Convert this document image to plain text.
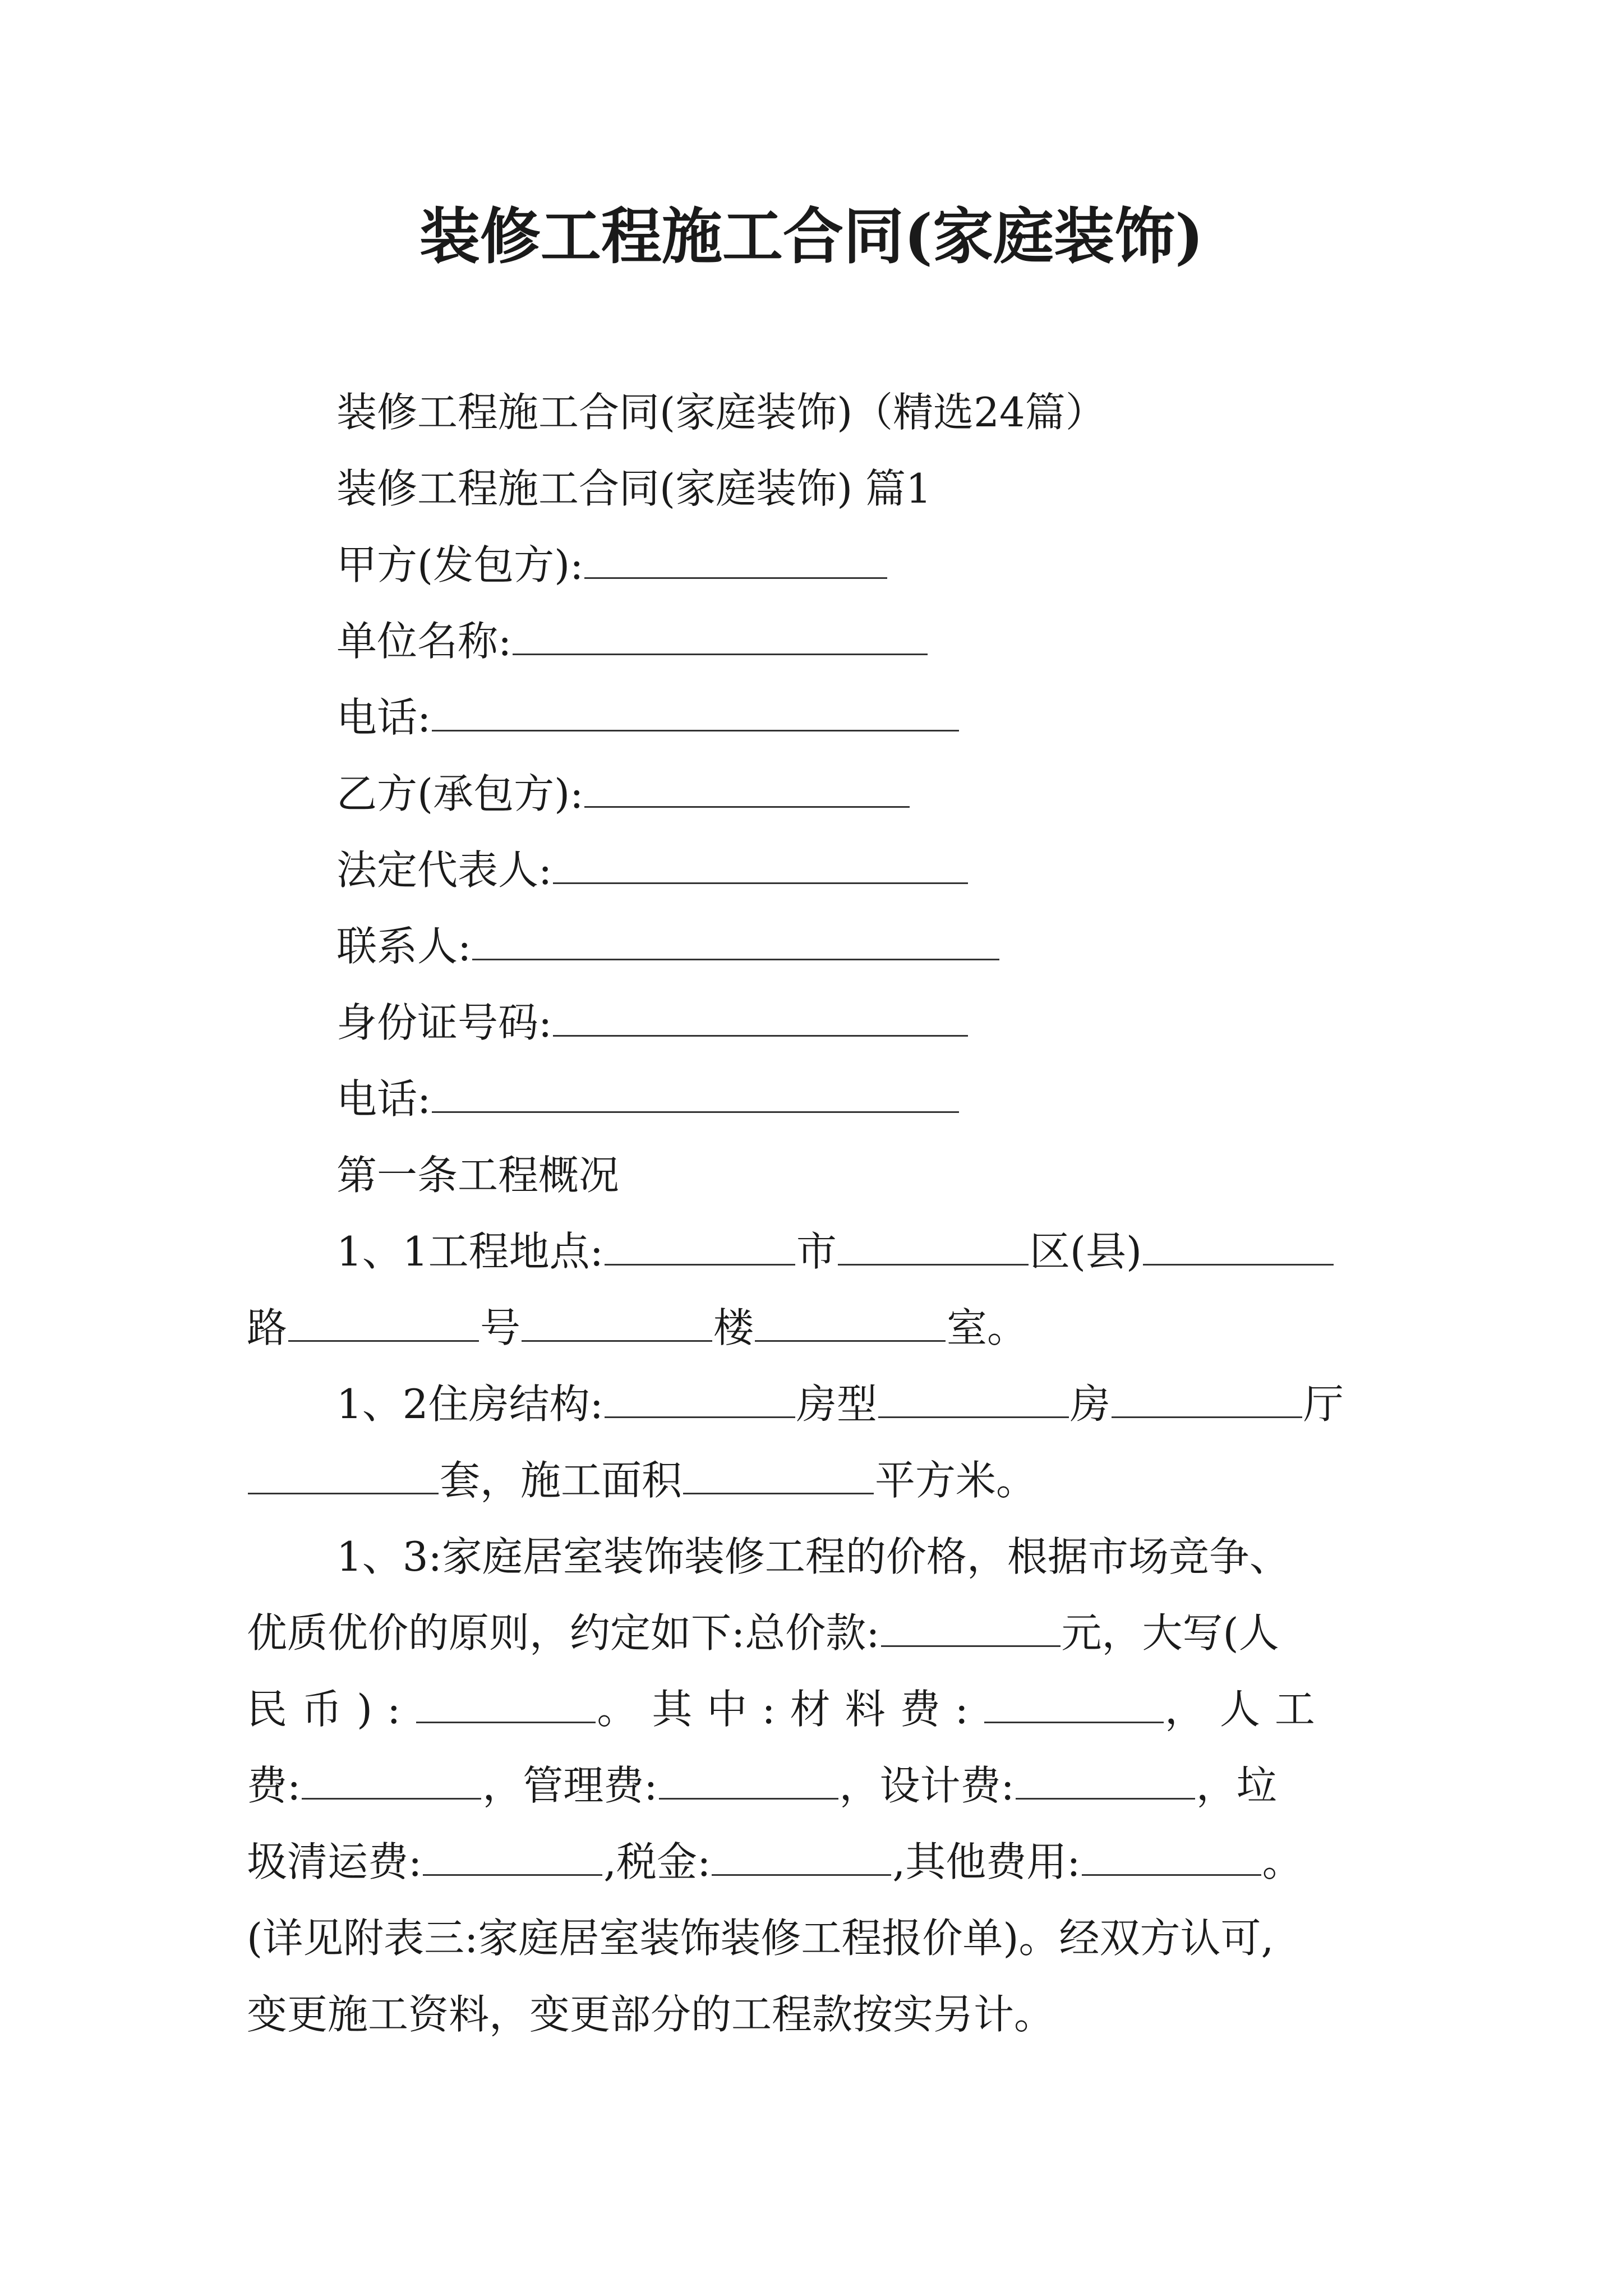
装修工程施工合同(家庭装饰)
装修工程施工合同(家庭装饰)（精选24篇）
装修工程施工合同(家庭装饰) 篇1
甲方(发包方):
单位名称:
电话:
乙方(承包方):
法定代表人:
联系人:
身份证号码:
电话:
第一条工程概况
1、1工程地点:	市	区(县)
路	号	楼	室。
1、2住房结构:	房型	房	厅
套，施工面积	平方米。
1、3:家庭居室装饰装修工程的价格，根据市场竞争、
优质优价的原则，约定如下:总价款:	元，大写(人
民币):	。其中:材料费:	，人工
费:	，管理费:	，设计费:	，垃
圾清运费:	,税金:	,其他费用:	。
(详见附表三:家庭居室装饰装修工程报价单)。经双方认可,
变更施工资料，变更部分的工程款按实另计。
